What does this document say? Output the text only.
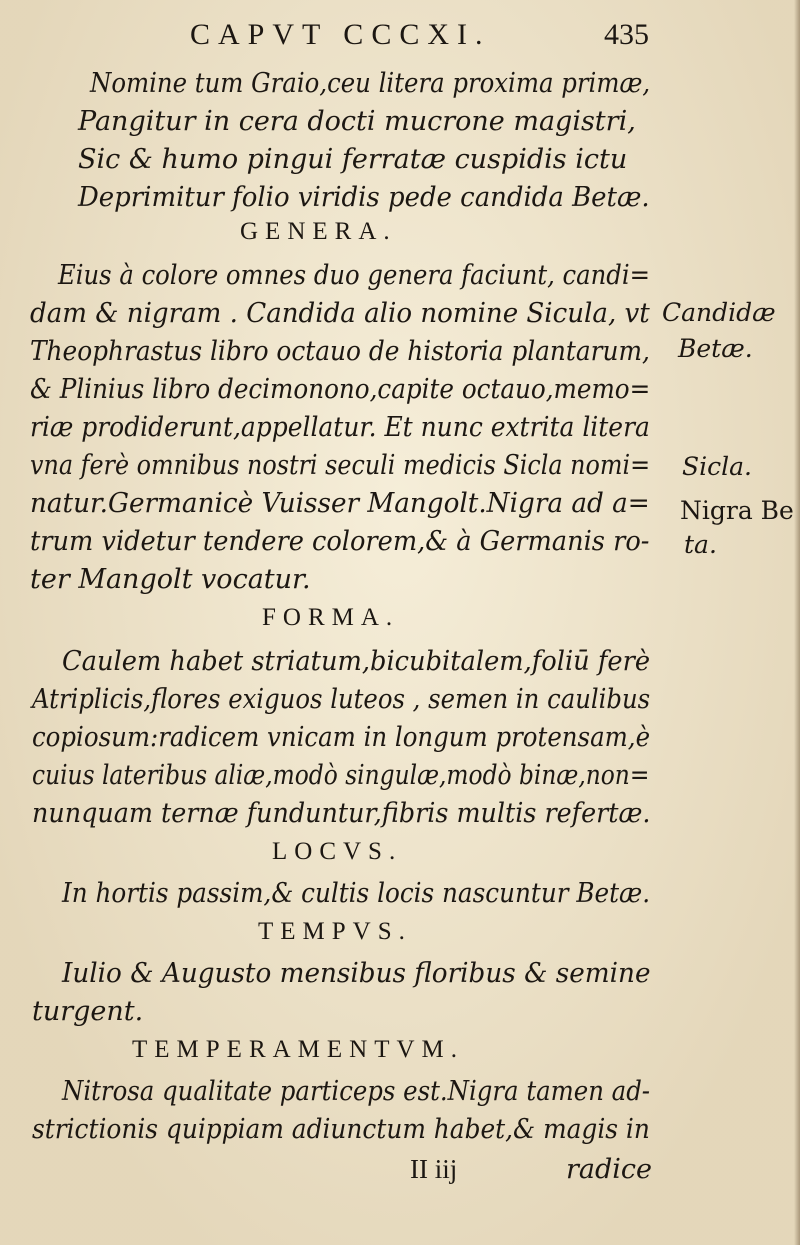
CAPVT CCCXI.	435
Nomine tum Graio,ceu litera proxima primæ,
Pangitur in cera docti mucrone magistri,
Sic & humo pingui ferratæ cuspidis ictu
Deprimitur folio viridis pede candida Betæ.
GENERA.
Eius à colore omnes duo genera faciunt, candi=
dam & nigram . Candida alio nomine Sicula, vt
Theophrastus libro octauo de historia plantarum,
& Plinius libro decimonono,capite octauo,memo=
riæ prodiderunt,appellatur. Et nunc extrita litera
vna ferè omnibus nostri seculi medicis Sicla nomi=
natur.Germanicè Vuisser Mangolt.Nigra ad a=
trum videtur tendere colorem,& à Germanis ro-
ter Mangolt vocatur.
Candidæ
Betæ.
Sicla.
Nigra Be
ta.
FORMA.
Caulem habet striatum,bicubitalem,foliū ferè
Atriplicis,flores exiguos luteos , semen in caulibus
copiosum:radicem vnicam in longum protensam,è
cuius lateribus aliæ,modò singulæ,modò binæ,non=
nunquam ternæ funduntur,fibris multis refertæ.
LOCVS.
In hortis passim,& cultis locis nascuntur Betæ.
TEMPVS.
Iulio & Augusto mensibus floribus & semine
turgent.
TEMPERAMENTVM.
Nitrosa qualitate particeps est.Nigra tamen ad-
strictionis quippiam adiunctum habet,& magis in
II iij	radice
